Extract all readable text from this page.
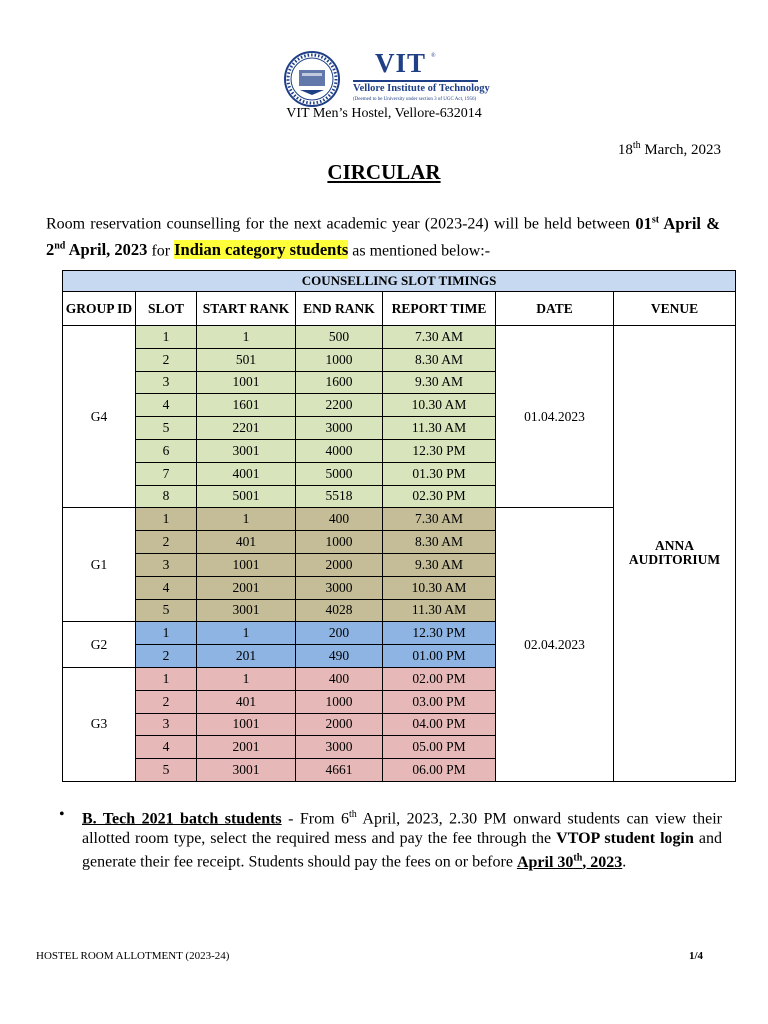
VIT ®
Vellore Institute of Technology
(Deemed to be University under section 3 of UGC Act, 1956)
VIT Men’s Hostel, Vellore-632014
18th March, 2023
CIRCULAR
Room reservation counselling for the next academic year (2023-24) will be held between 01st April & 2nd April, 2023 for Indian category students as mentioned below:-
COUNSELLING SLOT TIMINGS						
GROUP ID	SLOT	START RANK	END RANK	REPORT TIME	DATE	VENUE
G4	1	1	500	7.30 AM	01.04.2023	ANNA AUDITORIUM
	2	501	1000	8.30 AM		
	3	1001	1600	9.30 AM		
	4	1601	2200	10.30 AM		
	5	2201	3000	11.30 AM		
	6	3001	4000	12.30 PM		
	7	4001	5000	01.30 PM		
	8	5001	5518	02.30 PM		
G1	1	1	400	7.30 AM	02.04.2023	
	2	401	1000	8.30 AM		
	3	1001	2000	9.30 AM		
	4	2001	3000	10.30 AM		
	5	3001	4028	11.30 AM		
G2	1	1	200	12.30 PM		
	2	201	490	01.00 PM		
G3	1	1	400	02.00 PM		
	2	401	1000	03.00 PM		
	3	1001	2000	04.00 PM		
	4	2001	3000	05.00 PM		
	5	3001	4661	06.00 PM		
• B. Tech 2021 batch students - From 6th April, 2023, 2.30 PM onward students can view their allotted room type, select the required mess and pay the fee through the VTOP student login and generate their fee receipt. Students should pay the fees on or before April 30th, 2023.
HOSTEL ROOM ALLOTMENT (2023-24)	1/4
